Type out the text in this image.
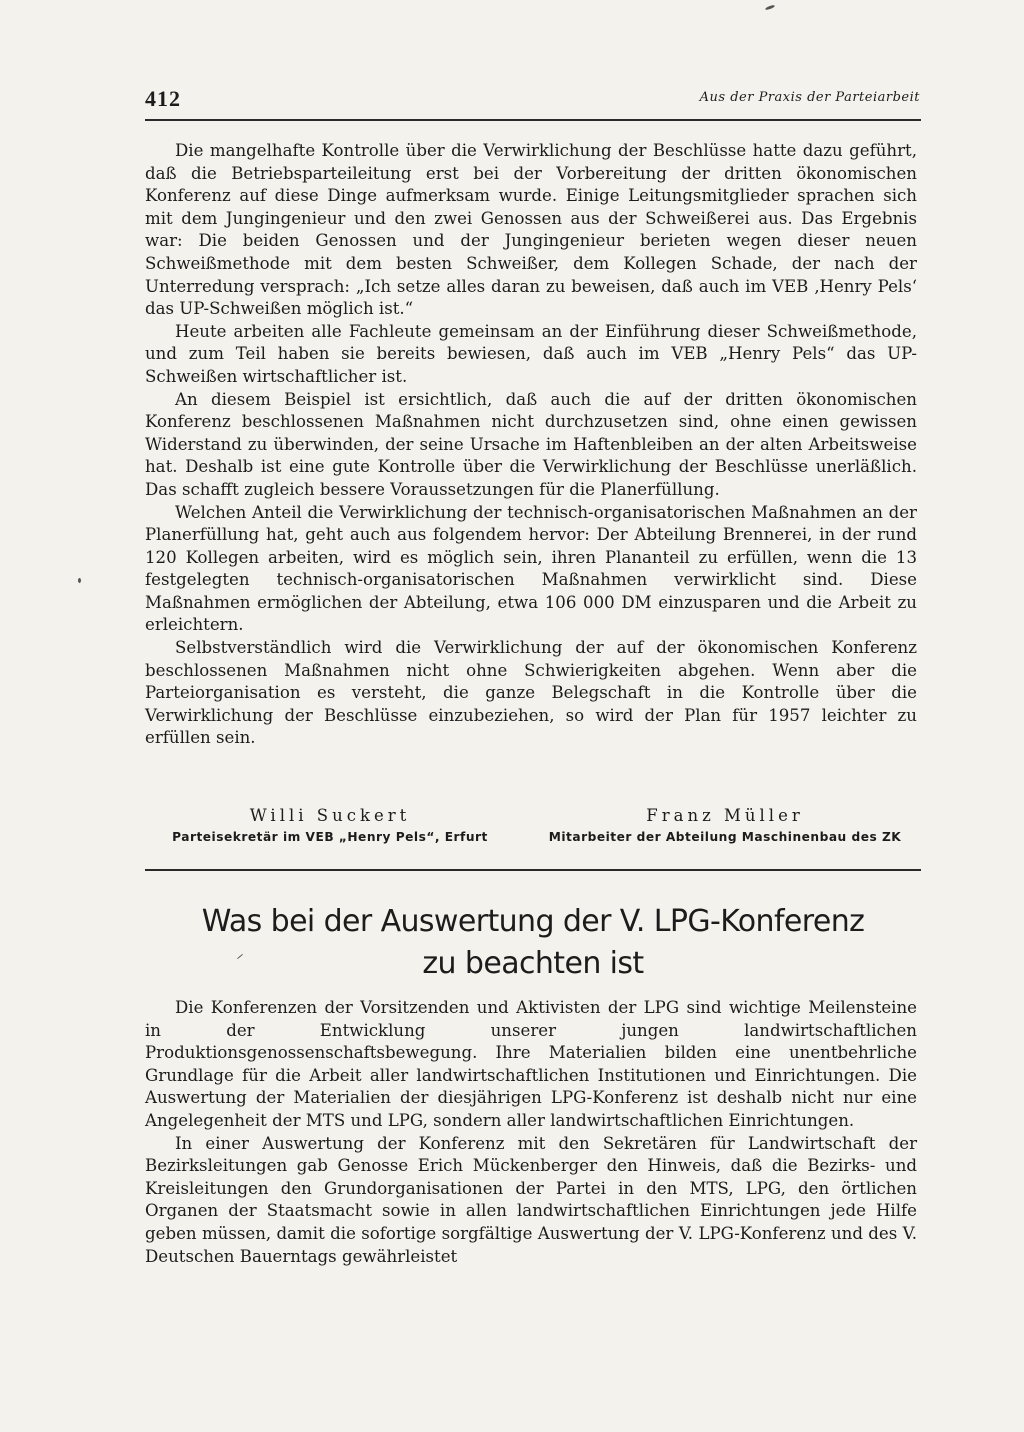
412	Aus der Praxis der Parteiarbeit

Die mangelhafte Kontrolle über die Verwirklichung der Beschlüsse hatte dazu geführt, daß die Betriebsparteileitung erst bei der Vorbereitung der dritten ökonomischen Konferenz auf diese Dinge aufmerksam wurde. Einige Leitungsmitglieder sprachen sich mit dem Jungingenieur und den zwei Genossen aus der Schweißerei aus. Das Ergebnis war: Die beiden Genossen und der Jungingenieur berieten wegen dieser neuen Schweißmethode mit dem besten Schweißer, dem Kollegen Schade, der nach der Unterredung versprach: „Ich setze alles daran zu beweisen, daß auch im VEB ‚Henry Pels‘ das UP-Schweißen möglich ist.“

Heute arbeiten alle Fachleute gemeinsam an der Einführung dieser Schweißmethode, und zum Teil haben sie bereits bewiesen, daß auch im VEB „Henry Pels“ das UP-Schweißen wirtschaftlicher ist.

An diesem Beispiel ist ersichtlich, daß auch die auf der dritten ökonomischen Konferenz beschlossenen Maßnahmen nicht durchzusetzen sind, ohne einen gewissen Widerstand zu überwinden, der seine Ursache im Haftenbleiben an der alten Arbeitsweise hat. Deshalb ist eine gute Kontrolle über die Verwirklichung der Beschlüsse unerläßlich. Das schafft zugleich bessere Voraussetzungen für die Planerfüllung.

Welchen Anteil die Verwirklichung der technisch-organisatorischen Maßnahmen an der Planerfüllung hat, geht auch aus folgendem hervor: Der Abteilung Brennerei, in der rund 120 Kollegen arbeiten, wird es möglich sein, ihren Plananteil zu erfüllen, wenn die 13 festgelegten technisch-organisatorischen Maßnahmen verwirklicht sind. Diese Maßnahmen ermöglichen der Abteilung, etwa 106 000 DM einzusparen und die Arbeit zu erleichtern.

Selbstverständlich wird die Verwirklichung der auf der ökonomischen Konferenz beschlossenen Maßnahmen nicht ohne Schwierigkeiten abgehen. Wenn aber die Parteiorganisation es versteht, die ganze Belegschaft in die Kontrolle über die Verwirklichung der Beschlüsse einzubeziehen, so wird der Plan für 1957 leichter zu erfüllen sein.

Willi Suckert
Parteisekretär im VEB „Henry Pels“, Erfurt
Franz Müller
Mitarbeiter der Abteilung Maschinenbau des ZK
Was bei der Auswertung der V. LPG-Konferenz
zu beachten ist

Die Konferenzen der Vorsitzenden und Aktivisten der LPG sind wichtige Meilensteine in der Entwicklung unserer jungen landwirtschaftlichen Produktionsgenossenschaftsbewegung. Ihre Materialien bilden eine unentbehrliche Grundlage für die Arbeit aller landwirtschaftlichen Institutionen und Einrichtungen. Die Auswertung der Materialien der diesjährigen LPG-Konferenz ist deshalb nicht nur eine Angelegenheit der MTS und LPG, sondern aller landwirtschaftlichen Einrichtungen.

In einer Auswertung der Konferenz mit den Sekretären für Landwirtschaft der Bezirksleitungen gab Genosse Erich Mückenberger den Hinweis, daß die Bezirks- und Kreisleitungen den Grundorganisationen der Partei in den MTS, LPG, den örtlichen Organen der Staatsmacht sowie in allen landwirtschaftlichen Einrichtungen jede Hilfe geben müssen, damit die sofortige sorgfältige Auswertung der V. LPG-Konferenz und des V. Deutschen Bauerntags gewährleistet
